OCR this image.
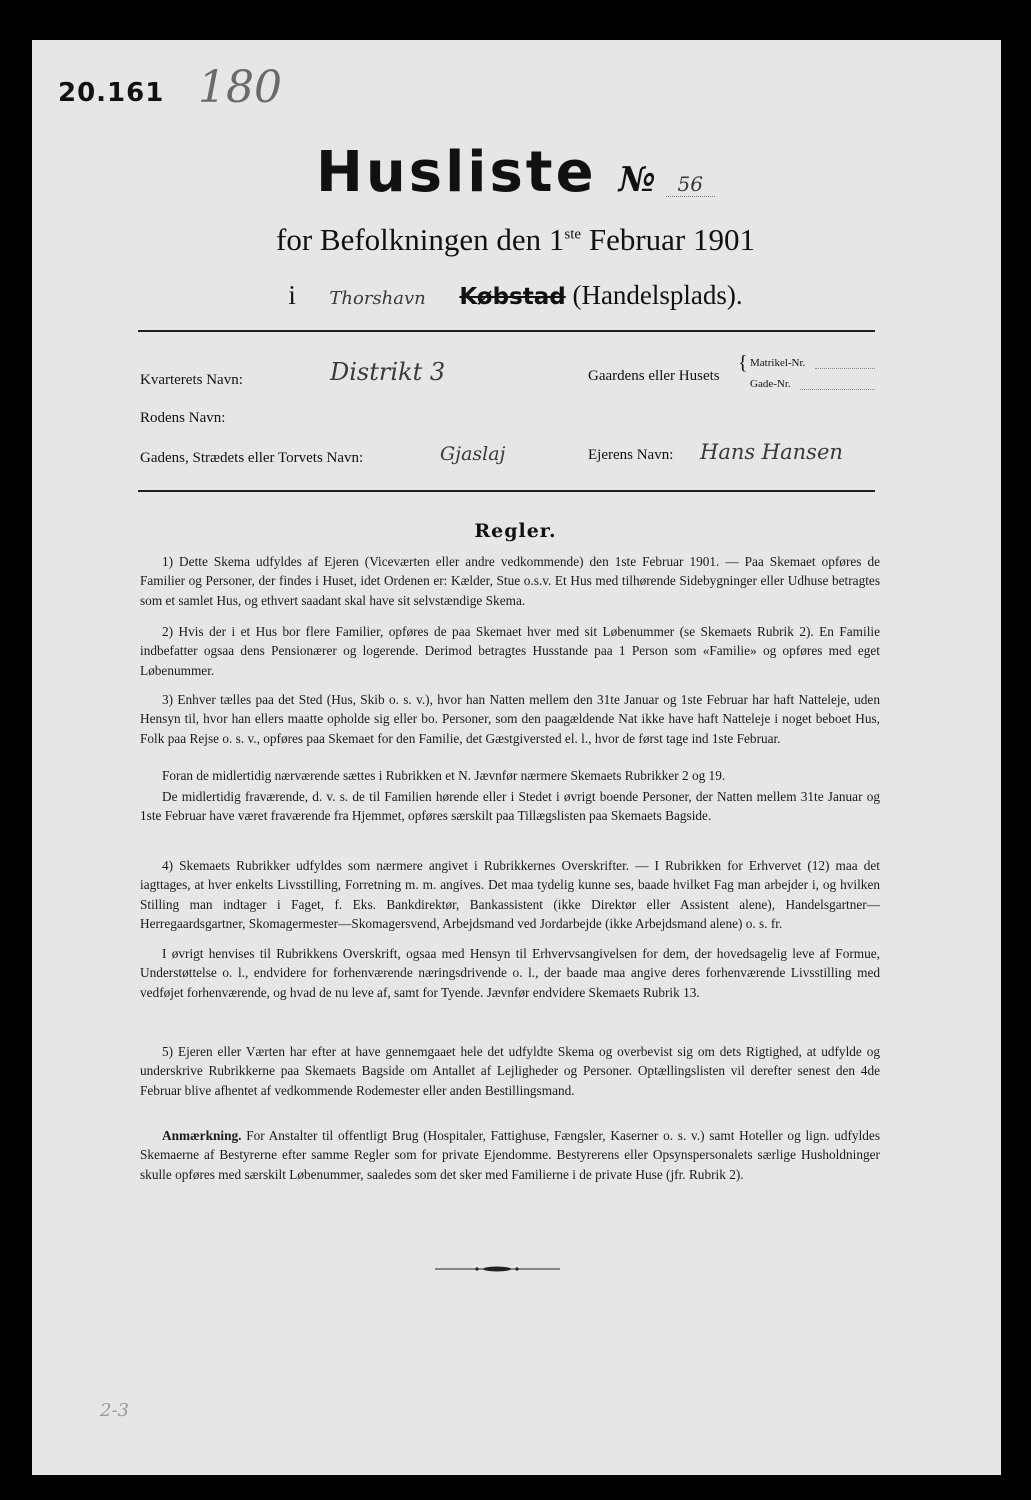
20.161 180
Husliste № 56
for Befolkningen den 1ste Februar 1901
i Thorshavn Købstad (Handelsplads).
Kvarterets Navn:	Distrikt 3	Gaardens eller Husets
{ Matrikel-Nr.
Gade-Nr.
Rodens Navn:
Gadens, Strædets eller Torvets Navn:	Gjaslaj	Ejerens Navn: Hans Hansen
Regler.

1) Dette Skema udfyldes af Ejeren (Viceværten eller andre vedkommende) den 1ste Februar 1901. — Paa Skemaet opføres de Familier og Personer, der findes i Huset, idet Ordenen er: Kælder, Stue o.s.v. Et Hus med tilhørende Sidebygninger eller Udhuse betragtes som et samlet Hus, og ethvert saadant skal have sit selvstændige Skema.

2) Hvis der i et Hus bor flere Familier, opføres de paa Skemaet hver med sit Løbenummer (se Skemaets Rubrik 2). En Familie indbefatter ogsaa dens Pensionærer og logerende. Derimod betragtes Husstande paa 1 Person som «Familie» og opføres med eget Løbenummer.

3) Enhver tælles paa det Sted (Hus, Skib o. s. v.), hvor han Natten mellem den 31te Januar og 1ste Februar har haft Natteleje, uden Hensyn til, hvor han ellers maatte opholde sig eller bo. Personer, som den paagældende Nat ikke have haft Natteleje i noget beboet Hus, Folk paa Rejse o. s. v., opføres paa Skemaet for den Familie, det Gæstgiversted el. l., hvor de først tage ind 1ste Februar.

Foran de midlertidig nærværende sættes i Rubrikken et N. Jævnfør nærmere Skemaets Rubrikker 2 og 19.

De midlertidig fraværende, d. v. s. de til Familien hørende eller i Stedet i øvrigt boende Personer, der Natten mellem 31te Januar og 1ste Februar have været fraværende fra Hjemmet, opføres særskilt paa Tillægslisten paa Skemaets Bagside.

4) Skemaets Rubrikker udfyldes som nærmere angivet i Rubrikkernes Overskrifter. — I Rubrikken for Erhvervet (12) maa det iagttages, at hver enkelts Livsstilling, Forretning m. m. angives. Det maa tydelig kunne ses, baade hvilket Fag man arbejder i, og hvilken Stilling man indtager i Faget, f. Eks. Bankdirektør, Bankassistent (ikke Direktør eller Assistent alene), Handelsgartner—Herregaardsgartner, Skomagermester—Skomagersvend, Arbejdsmand ved Jordarbejde (ikke Arbejdsmand alene) o. s. fr.

I øvrigt henvises til Rubrikkens Overskrift, ogsaa med Hensyn til Erhvervsangivelsen for dem, der hovedsagelig leve af Formue, Understøttelse o. l., endvidere for forhenværende næringsdrivende o. l., der baade maa angive deres forhenværende Livsstilling med vedføjet forhenværende, og hvad de nu leve af, samt for Tyende. Jævnfør endvidere Skemaets Rubrik 13.

5) Ejeren eller Værten har efter at have gennemgaaet hele det udfyldte Skema og overbevist sig om dets Rigtighed, at udfylde og underskrive Rubrikkerne paa Skemaets Bagside om Antallet af Lejligheder og Personer. Optællingslisten vil derefter senest den 4de Februar blive afhentet af vedkommende Rodemester eller anden Bestillingsmand.

Anmærkning. For Anstalter til offentligt Brug (Hospitaler, Fattighuse, Fængsler, Kaserner o. s. v.) samt Hoteller og lign. udfyldes Skemaerne af Bestyrerne efter samme Regler som for private Ejendomme. Bestyrerens eller Opsynspersonalets særlige Husholdninger skulle opføres med særskilt Løbenummer, saaledes som det sker med Familierne i de private Huse (jfr. Rubrik 2).

2-3
